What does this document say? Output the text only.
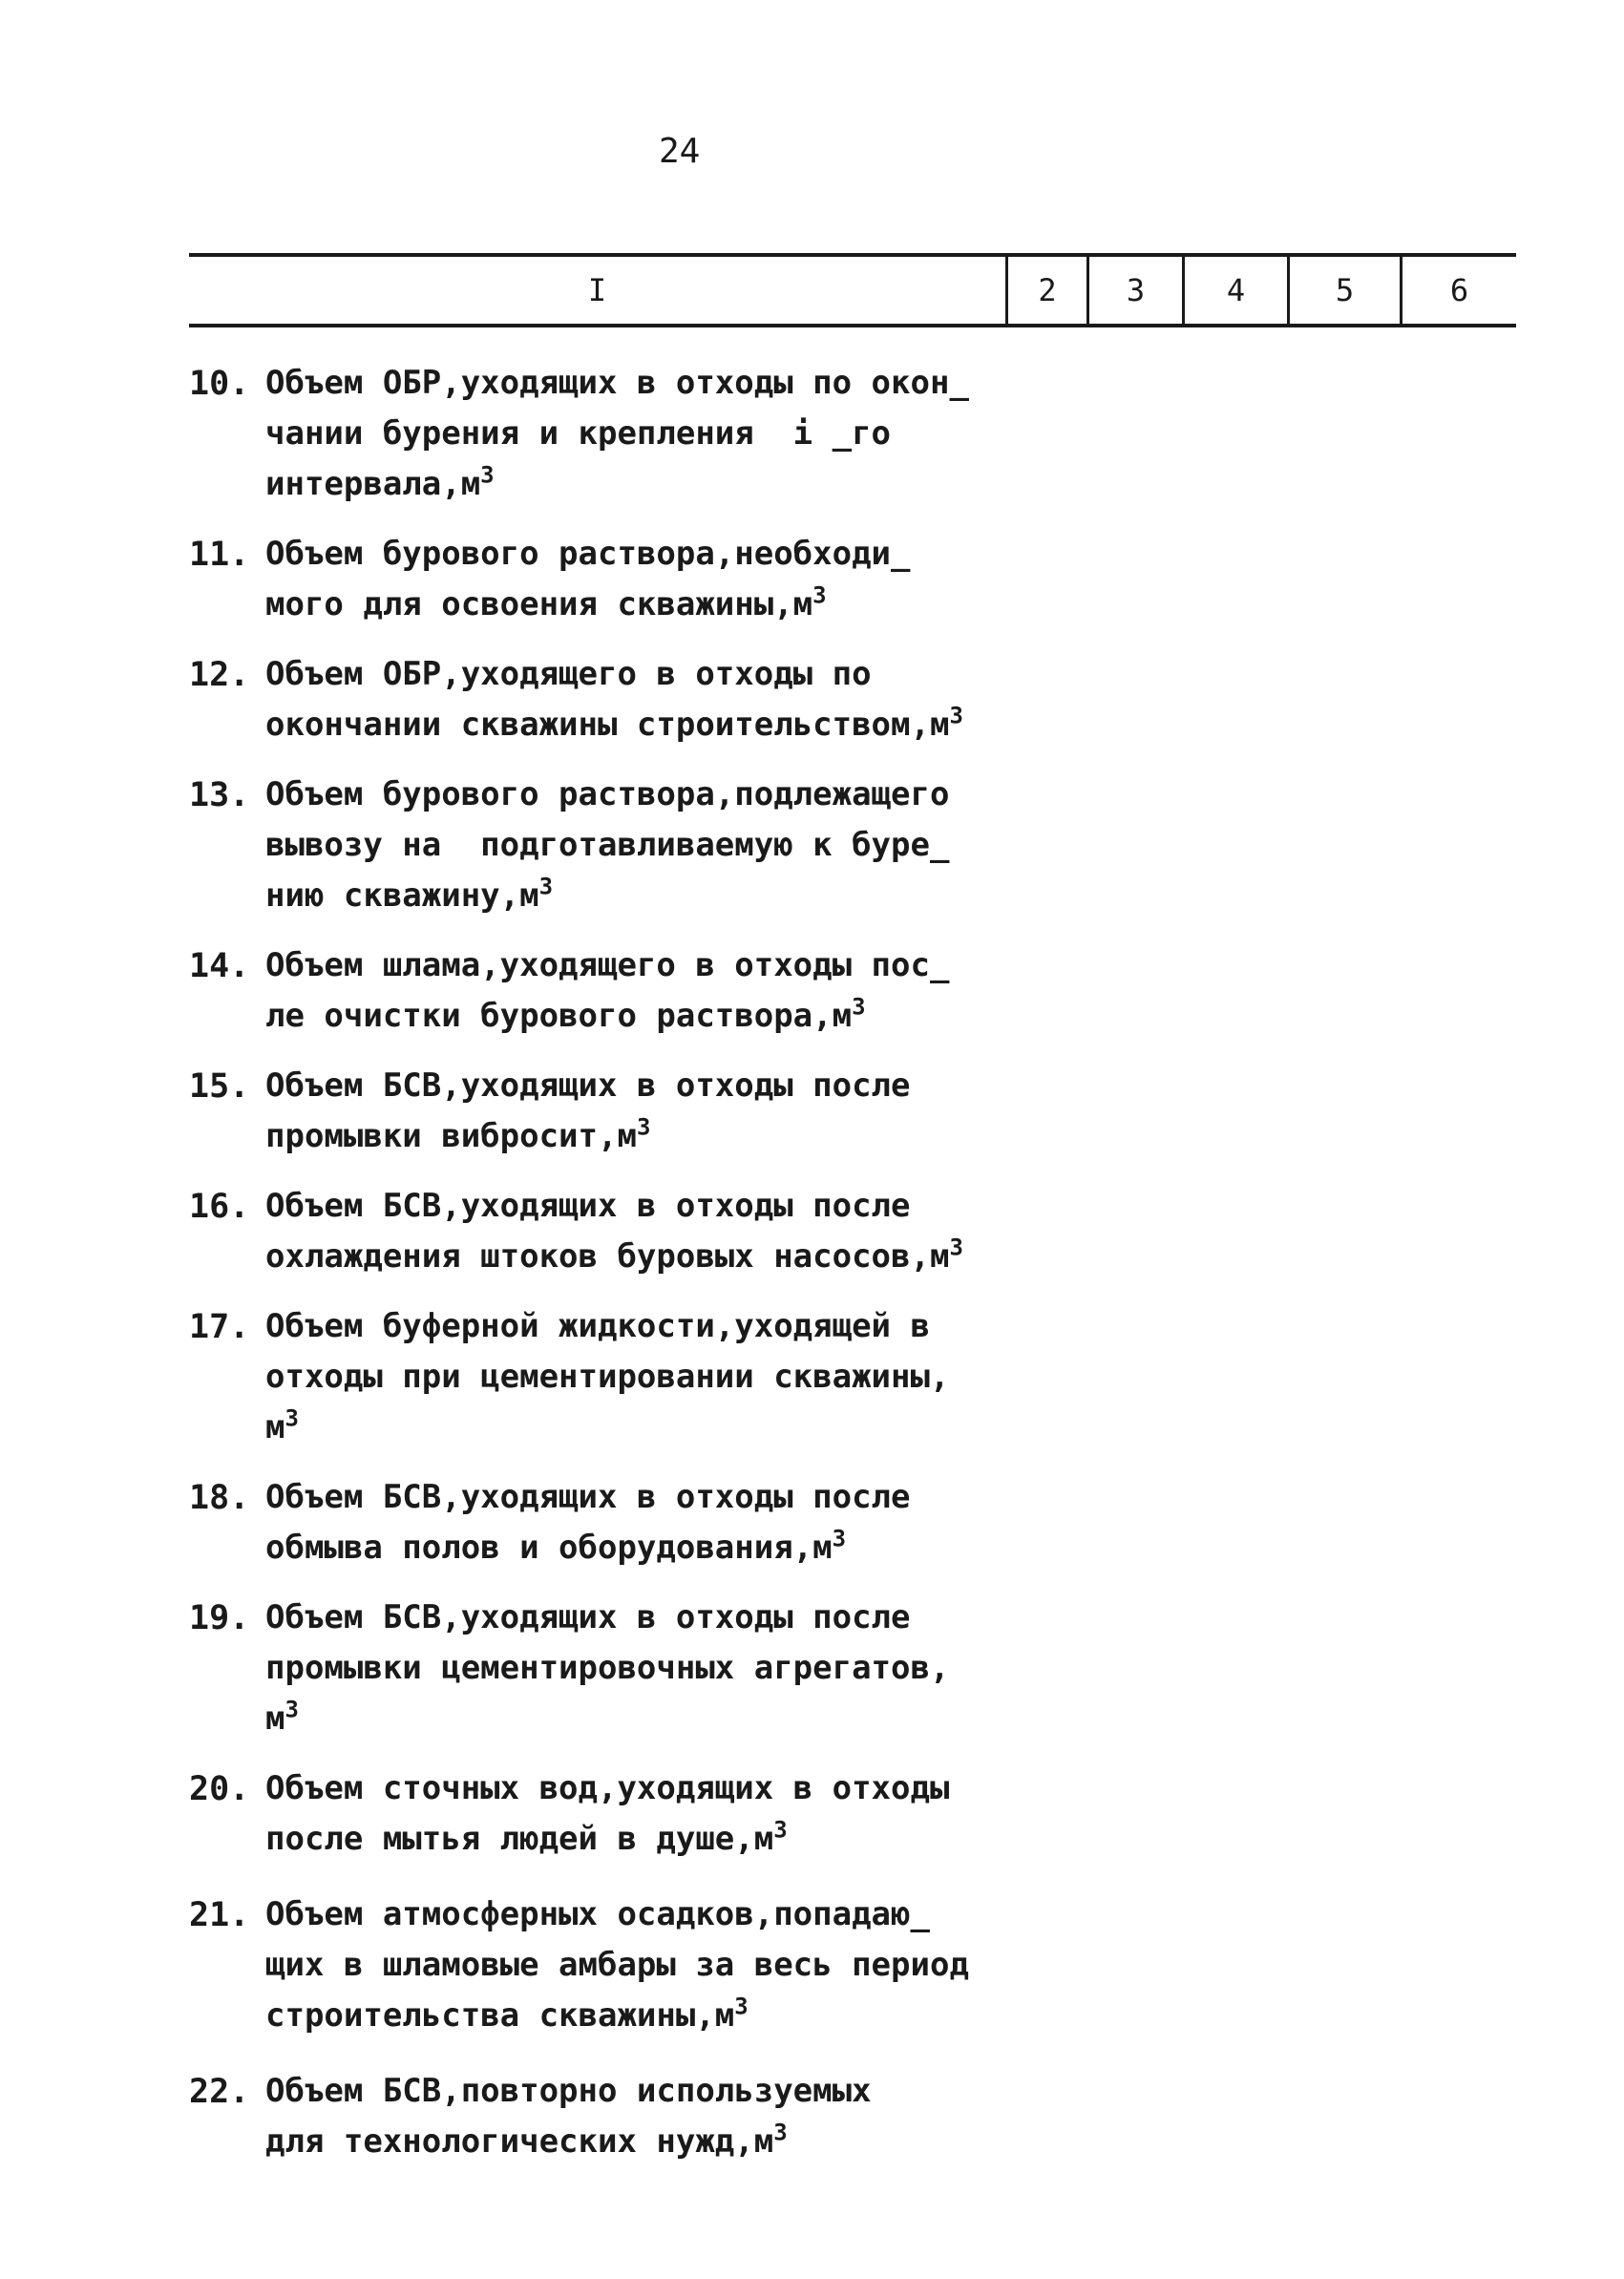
24
I	2	3	4	5	6
10. Объем ОБР,уходящих в отходы по окон_
чании бурения и крепления  i _го
$интервала,м^3$
11. Объем бурового раствора,необходи_
мого для освоения $скважины,м^3$
12. Объем ОБР,уходящего в отходы по
окончании скважины $строительством,м^3$
13. Объем бурового раствора,подлежащего
вывозу на  подготавливаемую к буре_
нию $скважину,м^3$
14. Объем шлама,уходящего в отходы пос_
ле очистки бурового $раствора,м^3$
15. Объем БСВ,уходящих в отходы после
промывки $вибросит,м^3$
16. Объем БСВ,уходящих в отходы после
охлаждения штоков буровых $насосов,м^3$
17. Объем буферной жидкости,уходящей в
отходы при цементировании скважины,
$м^3$
18. Объем БСВ,уходящих в отходы после
обмыва полов и $оборудования,м^3$
19. Объем БСВ,уходящих в отходы после
промывки цементировочных агрегатов,
$м^3$
20. Объем сточных вод,уходящих в отходы
после мытья людей в $душе,м^3$
21. Объем атмосферных осадков,попадаю_
щих в шламовые амбары за весь период
строительства $скважины,м^3$
22. Объем БСВ,повторно используемых
для технологических $нужд,м^3$
